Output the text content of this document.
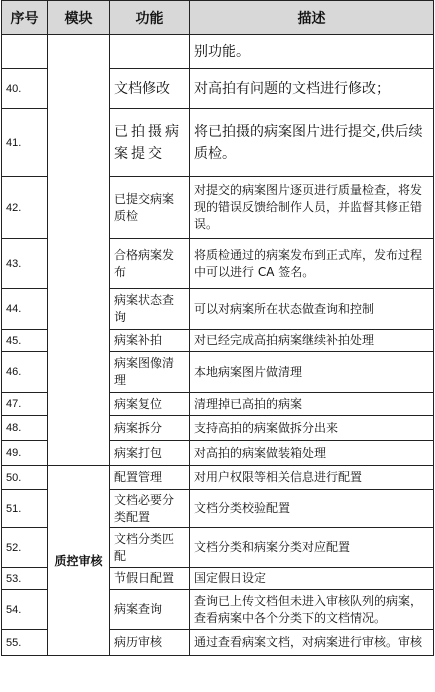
序号	模块	功能	描述
			别功能。
40.		文档修改	对高拍有问题的文档进行修改；
41.		已拍摄病案提交	将已拍摄的病案图片进行提交,供后续质检。
42.		已提交病案质检	对提交的病案图片逐页进行质量检查，将发现的错误反馈给制作人员，并监督其修正错误。
43.		合格病案发布	将质检通过的病案发布到正式库，发布过程中可以进行 CA 签名。
44.		病案状态查询	可以对病案所在状态做查询和控制
45.		病案补拍	对已经完成高拍病案继续补拍处理
46.		病案图像清理	本地病案图片做清理
47.		病案复位	清理掉已高拍的病案
48.		病案拆分	支持高拍的病案做拆分出来
49.		病案打包	对高拍的病案做装箱处理
50.	质控审核	配置管理	对用户权限等相关信息进行配置
51.		文档必要分类配置	文档分类校验配置
52.		文档分类匹配	文档分类和病案分类对应配置
53.		节假日配置	国定假日设定
54.		病案查询	查询已上传文档但未进入审核队列的病案，查看病案中各个分类下的文档情况。
55.		病历审核	通过查看病案文档，对病案进行审核。审核
